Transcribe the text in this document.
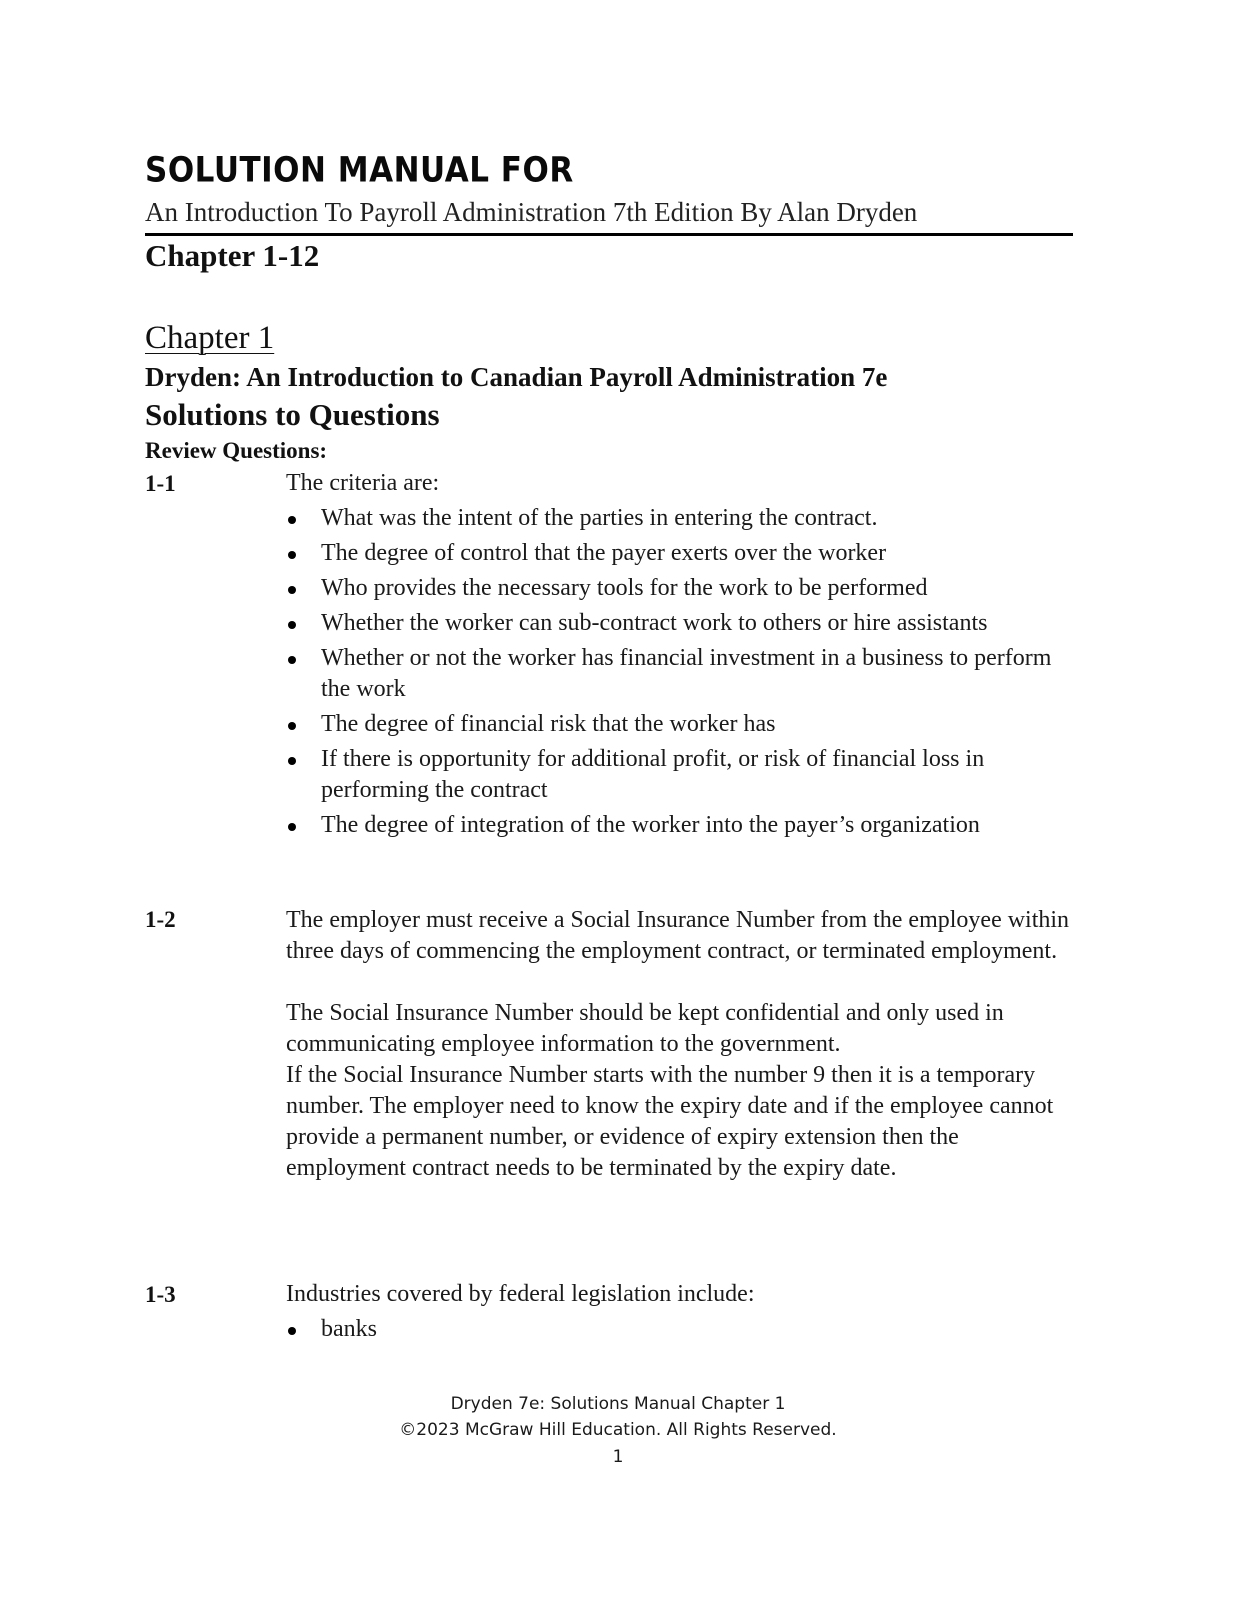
SOLUTION MANUAL FOR
An Introduction To Payroll Administration 7th Edition By Alan Dryden
Chapter 1-12
Chapter 1
Dryden: An Introduction to Canadian Payroll Administration 7e
Solutions to Questions
Review Questions:
1-1	The criteria are:
What was the intent of the parties in entering the contract.
The degree of control that the payer exerts over the worker
Who provides the necessary tools for the work to be performed
Whether the worker can sub-contract work to others or hire assistants
Whether or not the worker has financial investment in a business to perform the work
The degree of financial risk that the worker has
If there is opportunity for additional profit, or risk of financial loss in performing the contract
The degree of integration of the worker into the payer’s organization
1-2	The employer must receive a Social Insurance Number from the employee within three days of commencing the employment contract, or terminated employment.

The Social Insurance Number should be kept confidential and only used in communicating employee information to the government.

If the Social Insurance Number starts with the number 9 then it is a temporary number. The employer need to know the expiry date and if the employee cannot provide a permanent number, or evidence of expiry extension then the employment contract needs to be terminated by the expiry date.

1-3	Industries covered by federal legislation include:
banks
Dryden 7e: Solutions Manual Chapter 1
©2023 McGraw Hill Education. All Rights Reserved.
1
